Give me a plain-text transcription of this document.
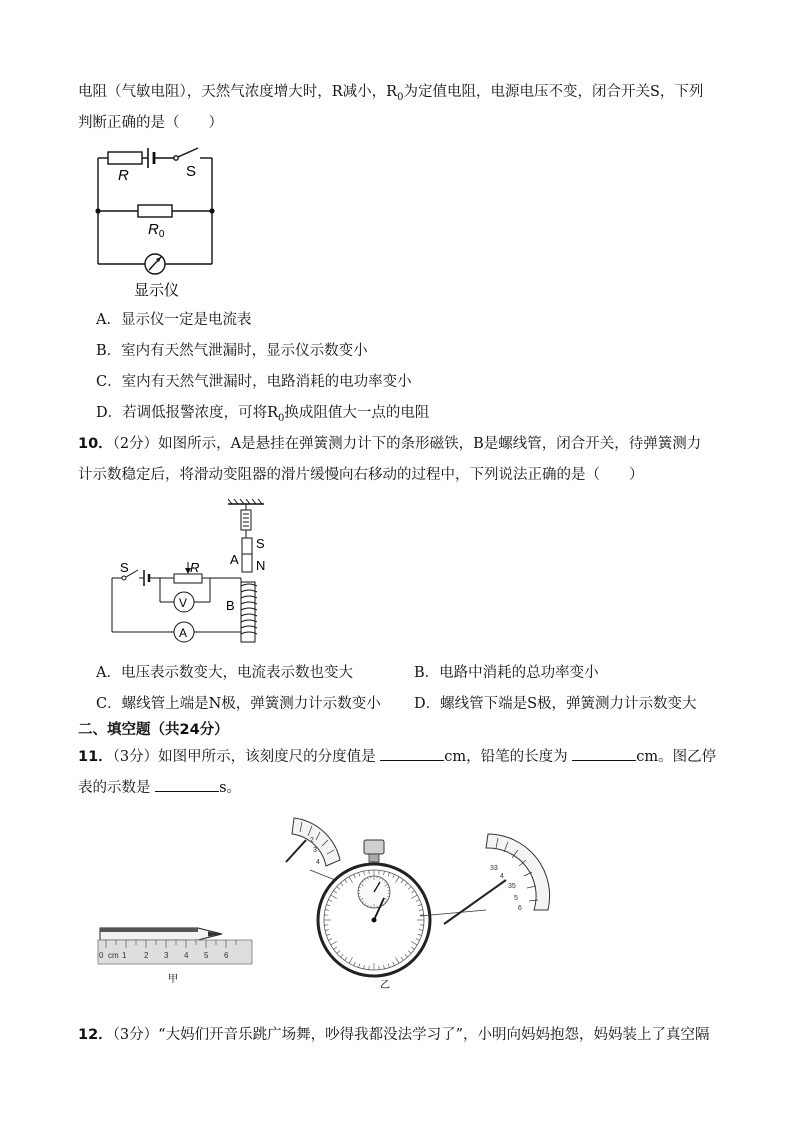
电阻（气敏电阻），天然气浓度增大时，R减小，$R_0$为定值电阻，电源电压不变，闭合开关S，下列
判断正确的是（　　）
R	S
$R_0$
显示仪
A．显示仪一定是电流表
B．室内有天然气泄漏时，显示仪示数变小
C．室内有天然气泄漏时，电路消耗的电功率变小
D．若调低报警浓度，可将$R_0$换成阻值大一点的电阻
10．（2分）如图所示，A是悬挂在弹簧测力计下的条形磁铁，B是螺线管，闭合开关，待弹簧测力
计示数稳定后，将滑动变阻器的滑片缓慢向右移动的过程中，下列说法正确的是（　　）
S
A N
B
S	R
V
A
A．电压表示数变大，电流表示数也变大	B．电路中消耗的总功率变小
C．螺线管上端是N极，弹簧测力计示数变小 D．螺线管下端是S极，弹簧测力计示数变大
二、填空题（共24分）
11．（3分）如图甲所示，该刻度尺的分度值是	cm，铅笔的长度为	cm。图乙停
表的示数是	s。
0 cm 1 2 3 4 5 6
甲
2
3
4
33
4
35
5
6
乙
12．（3分）“大妈们开音乐跳广场舞，吵得我都没法学习了”，小明向妈妈抱怨，妈妈装上了真空隔
